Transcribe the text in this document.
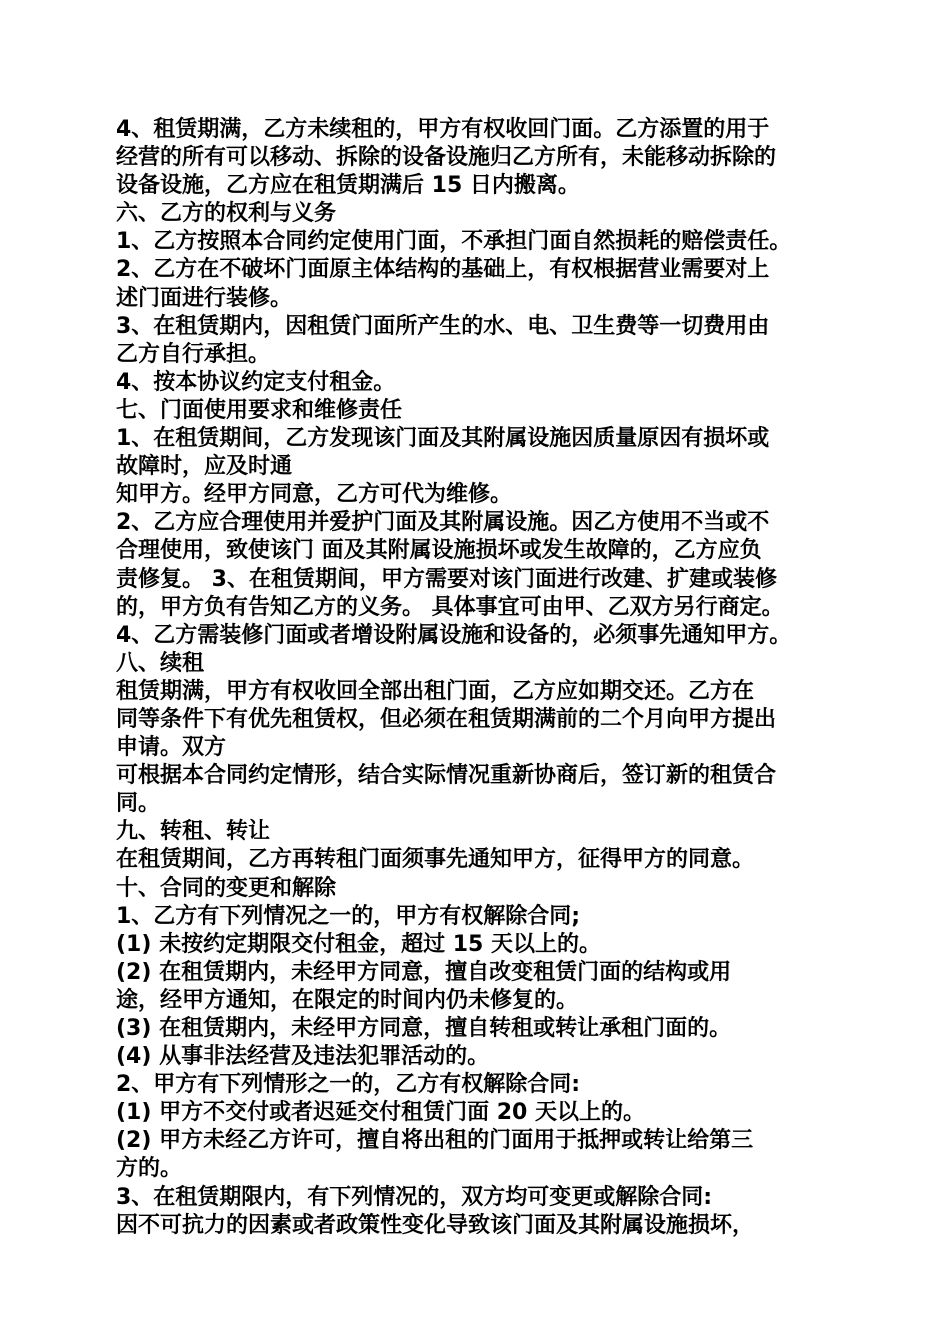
4、租赁期满，乙方未续租的，甲方有权收回门面。乙方添置的用于
经营的所有可以移动、拆除的设备设施归乙方所有，未能移动拆除的
设备设施，乙方应在租赁期满后 15 日内搬离。
六、乙方的权利与义务
1、乙方按照本合同约定使用门面，不承担门面自然损耗的赔偿责任。
2、乙方在不破坏门面原主体结构的基础上，有权根据营业需要对上
述门面进行装修。
3、在租赁期内，因租赁门面所产生的水、电、卫生费等一切费用由
乙方自行承担。
4、按本协议约定支付租金。
七、门面使用要求和维修责任
1、在租赁期间，乙方发现该门面及其附属设施因质量原因有损坏或
故障时，应及时通
知甲方。经甲方同意，乙方可代为维修。
2、乙方应合理使用并爱护门面及其附属设施。因乙方使用不当或不
合理使用，致使该门 面及其附属设施损坏或发生故障的，乙方应负
责修复。 3、在租赁期间，甲方需要对该门面进行改建、扩建或装修
的，甲方负有告知乙方的义务。 具体事宜可由甲、乙双方另行商定。
4、乙方需装修门面或者增设附属设施和设备的，必须事先通知甲方。
八、续租
租赁期满，甲方有权收回全部出租门面，乙方应如期交还。乙方在
同等条件下有优先租赁权，但必须在租赁期满前的二个月向甲方提出
申请。双方
可根据本合同约定情形，结合实际情况重新协商后，签订新的租赁合
同。
九、转租、转让
在租赁期间，乙方再转租门面须事先通知甲方，征得甲方的同意。
十、合同的变更和解除
1、乙方有下列情况之一的，甲方有权解除合同;
(1) 未按约定期限交付租金，超过 15 天以上的。
(2) 在租赁期内，未经甲方同意，擅自改变租赁门面的结构或用
途，经甲方通知，在限定的时间内仍未修复的。
(3) 在租赁期内，未经甲方同意，擅自转租或转让承租门面的。
(4) 从事非法经营及违法犯罪活动的。
2、甲方有下列情形之一的，乙方有权解除合同:
(1) 甲方不交付或者迟延交付租赁门面 20 天以上的。
(2) 甲方未经乙方许可，擅自将出租的门面用于抵押或转让给第三
方的。
3、在租赁期限内，有下列情况的，双方均可变更或解除合同:
因不可抗力的因素或者政策性变化导致该门面及其附属设施损坏，
